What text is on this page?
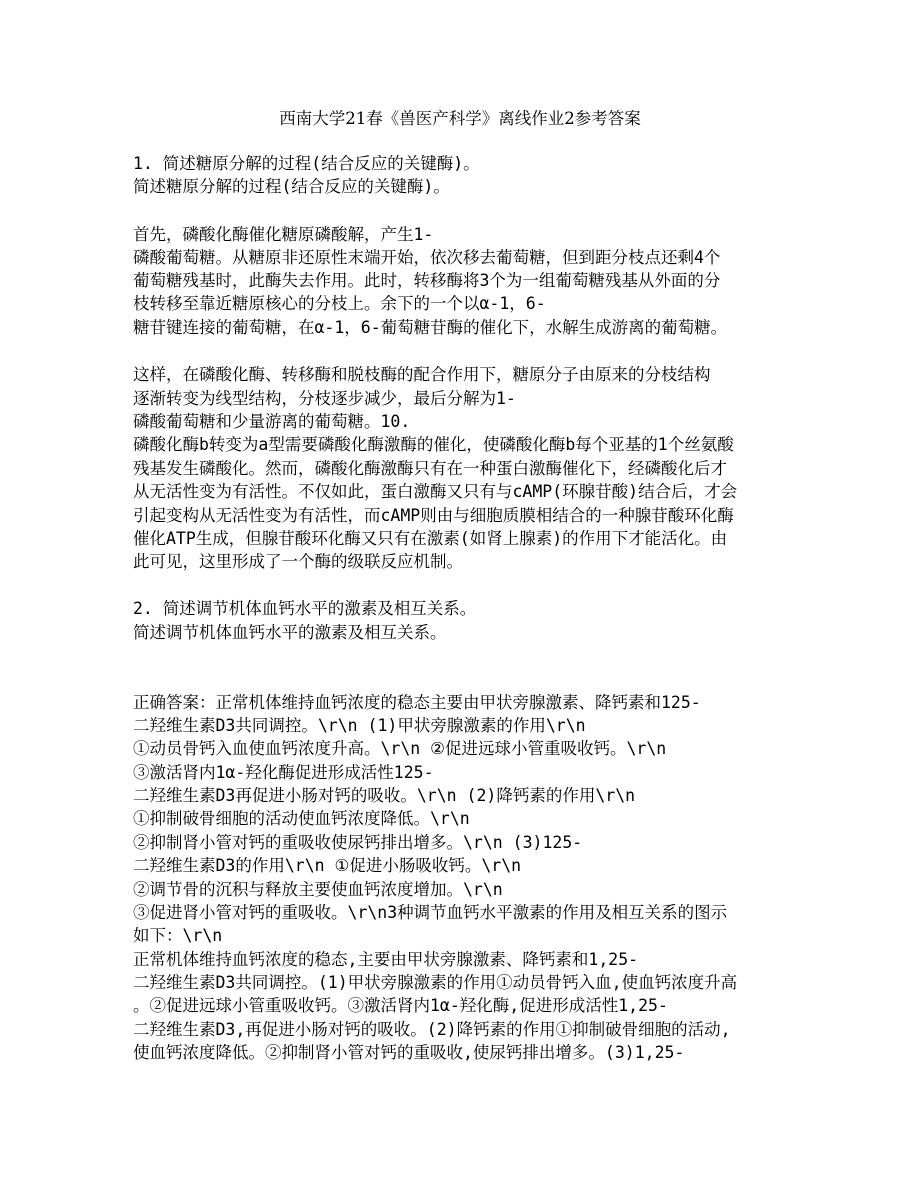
西南大学21春《兽医产科学》离线作业2参考答案
1. 简述糖原分解的过程(结合反应的关键酶)。
简述糖原分解的过程(结合反应的关键酶)。
首先，磷酸化酶催化糖原磷酸解，产生1-
磷酸葡萄糖。从糖原非还原性末端开始，依次移去葡萄糖，但到距分枝点还剩4个
葡萄糖残基时，此酶失去作用。此时，转移酶将3个为一组葡萄糖残基从外面的分
枝转移至靠近糖原核心的分枝上。余下的一个以α-1，6-
糖苷键连接的葡萄糖，在α-1，6-葡萄糖苷酶的催化下，水解生成游离的葡萄糖。
这样，在磷酸化酶、转移酶和脱枝酶的配合作用下，糖原分子由原来的分枝结构
逐渐转变为线型结构，分枝逐步减少，最后分解为1-
磷酸葡萄糖和少量游离的葡萄糖。10.
磷酸化酶b转变为a型需要磷酸化酶激酶的催化，使磷酸化酶b每个亚基的1个丝氨酸
残基发生磷酸化。然而，磷酸化酶激酶只有在一种蛋白激酶催化下，经磷酸化后才
从无活性变为有活性。不仅如此，蛋白激酶又只有与cAMP(环腺苷酸)结合后，才会
引起变构从无活性变为有活性，而cAMP则由与细胞质膜相结合的一种腺苷酸环化酶
催化ATP生成，但腺苷酸环化酶又只有在激素(如肾上腺素)的作用下才能活化。由
此可见，这里形成了一个酶的级联反应机制。
2. 简述调节机体血钙水平的激素及相互关系。
简述调节机体血钙水平的激素及相互关系。
正确答案：正常机体维持血钙浓度的稳态主要由甲状旁腺激素、降钙素和125-
二羟维生素D3共同调控。\r\n (1)甲状旁腺激素的作用\r\n
①动员骨钙入血使血钙浓度升高。\r\n ②促进远球小管重吸收钙。\r\n
③激活肾内1α-羟化酶促进形成活性125-
二羟维生素D3再促进小肠对钙的吸收。\r\n (2)降钙素的作用\r\n
①抑制破骨细胞的活动使血钙浓度降低。\r\n
②抑制肾小管对钙的重吸收使尿钙排出增多。\r\n (3)125-
二羟维生素D3的作用\r\n ①促进小肠吸收钙。\r\n
②调节骨的沉积与释放主要使血钙浓度增加。\r\n
③促进肾小管对钙的重吸收。\r\n3种调节血钙水平激素的作用及相互关系的图示
如下：\r\n
正常机体维持血钙浓度的稳态,主要由甲状旁腺激素、降钙素和1,25-
二羟维生素D3共同调控。(1)甲状旁腺激素的作用①动员骨钙入血,使血钙浓度升高
。②促进远球小管重吸收钙。③激活肾内1α-羟化酶,促进形成活性1,25-
二羟维生素D3,再促进小肠对钙的吸收。(2)降钙素的作用①抑制破骨细胞的活动,
使血钙浓度降低。②抑制肾小管对钙的重吸收,使尿钙排出增多。(3)1,25-
